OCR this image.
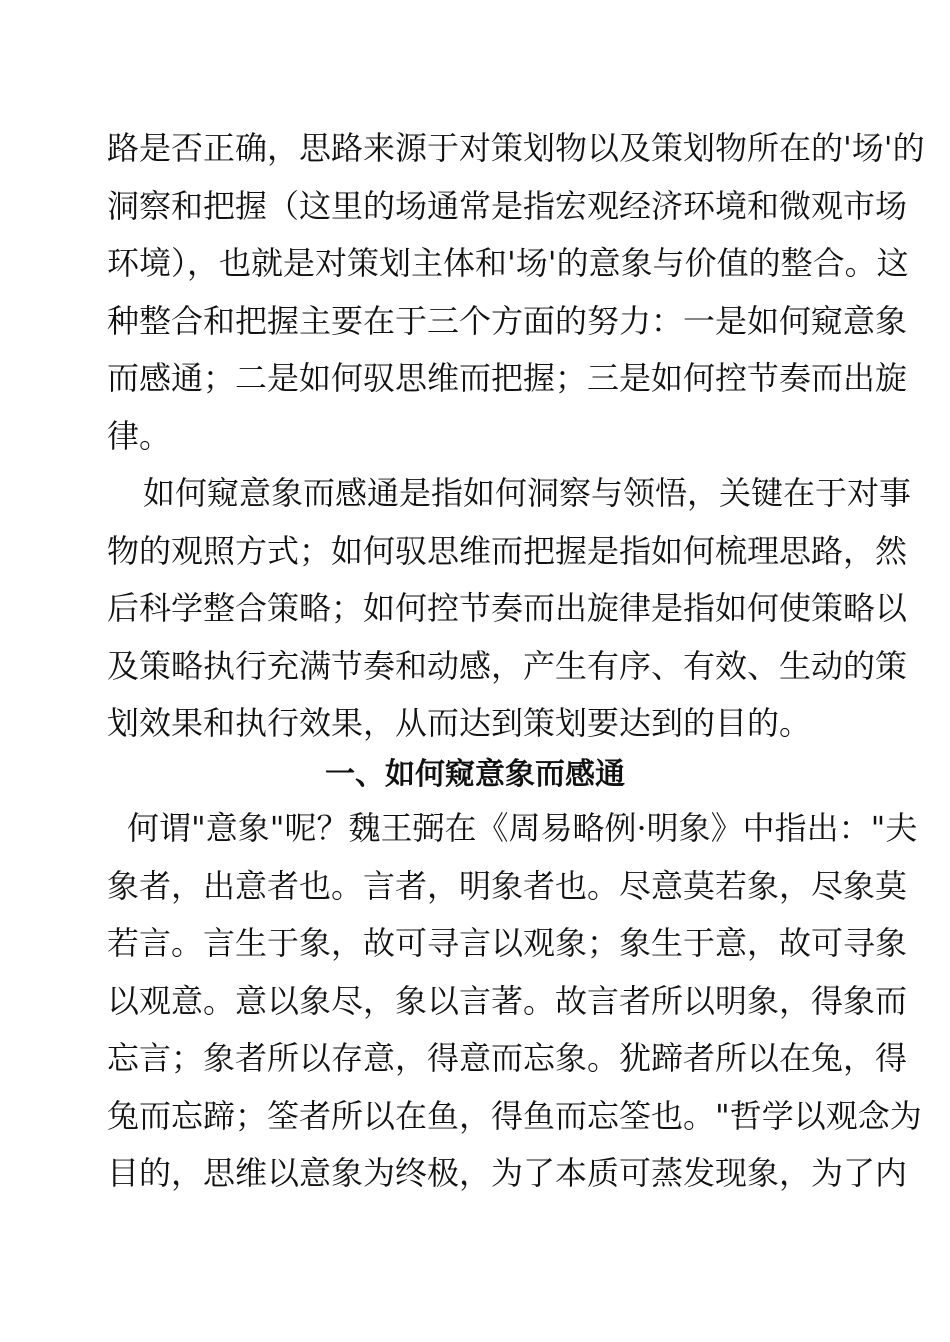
路是否正确，思路来源于对策划物以及策划物所在的'场'的
洞察和把握（这里的场通常是指宏观经济环境和微观市场
环境），也就是对策划主体和'场'的意象与价值的整合。这
种整合和把握主要在于三个方面的努力：一是如何窥意象
而感通；二是如何驭思维而把握；三是如何控节奏而出旋
律。
如何窥意象而感通是指如何洞察与领悟，关键在于对事
物的观照方式；如何驭思维而把握是指如何梳理思路，然
后科学整合策略；如何控节奏而出旋律是指如何使策略以
及策略执行充满节奏和动感，产生有序、有效、生动的策
划效果和执行效果，从而达到策划要达到的目的。
一、如何窥意象而感通
何谓"意象"呢？魏王弼在《周易略例·明象》中指出："夫
象者，出意者也。言者，明象者也。尽意莫若象，尽象莫
若言。言生于象，故可寻言以观象；象生于意，故可寻象
以观意。意以象尽，象以言著。故言者所以明象，得象而
忘言；象者所以存意，得意而忘象。犹蹄者所以在兔，得
兔而忘蹄；筌者所以在鱼，得鱼而忘筌也。"哲学以观念为
目的，思维以意象为终极，为了本质可蒸发现象，为了内
